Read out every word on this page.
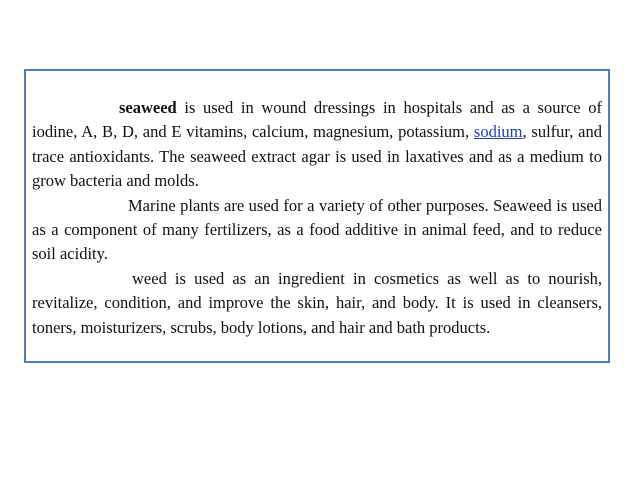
seaweed is used in wound dressings in hospitals and as a source of iodine, A, B, D, and E vitamins, calcium, magnesium, potassium, sodium, sulfur, and trace antioxidants. The seaweed extract agar is used in laxatives and as a medium to grow bacteria and molds.

Marine plants are used for a variety of other purposes. Seaweed is used as a component of many fertilizers, as a food additive in animal feed, and to reduce soil acidity.

weed is used as an ingredient in cosmetics as well as to nourish, revitalize, condition, and improve the skin, hair, and body. It is used in cleansers, toners, moisturizers, scrubs, body lotions, and hair and bath products.
